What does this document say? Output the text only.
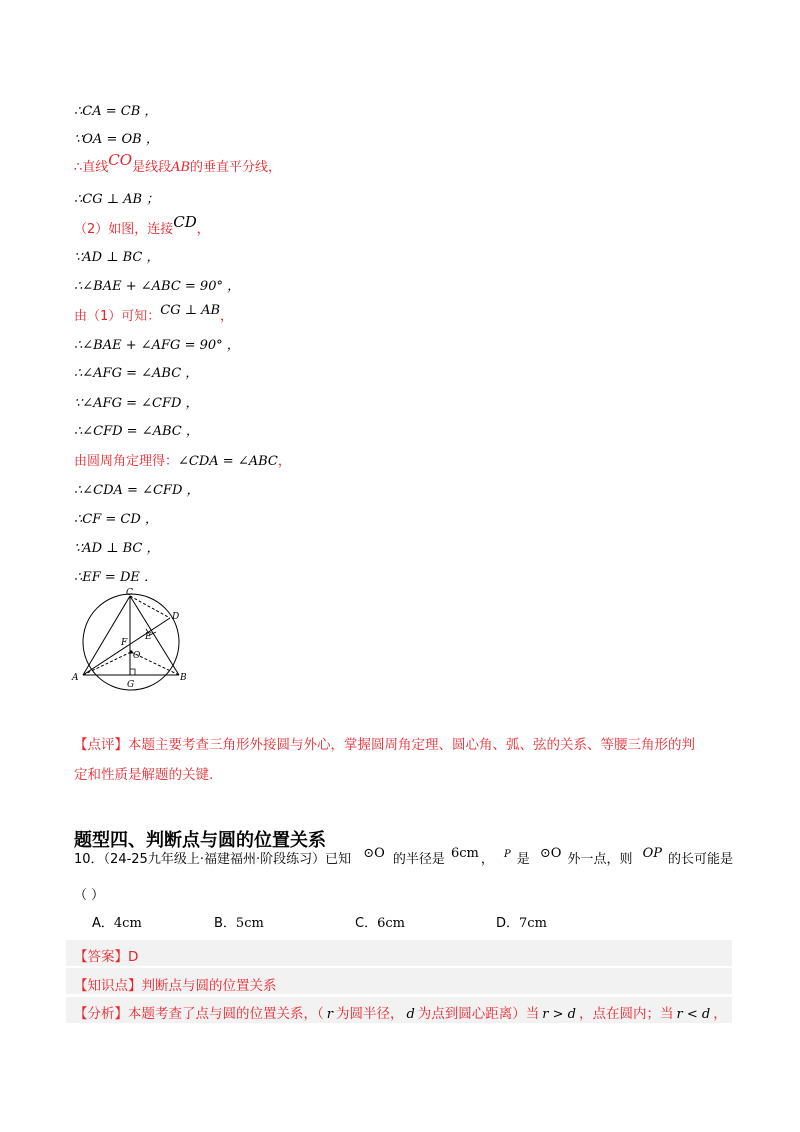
∴CA = CB ，
∵OA = OB ，
∴直线CO是线段AB的垂直平分线，
∴CG ⊥ AB ；
（2）如图，连接CD，
∵AD ⊥ BC ，
∴∠BAE + ∠ABC = 90° ，
由（1）可知：CG ⊥ AB，
∴∠BAE + ∠AFG = 90° ，
∴∠AFG = ∠ABC ，
∵∠AFG = ∠CFD ，
∴∠CFD = ∠ABC ，
由圆周角定理得：∠CDA = ∠ABC，
∴∠CDA = ∠CFD ，
∴CF = CD ，
∵AD ⊥ BC ，
∴EF = DE ．
C
D
E
F
O
A
G
B
【点评】本题主要考查三角形外接圆与外心，掌握圆周角定理、圆心角、弧、弦的关系、等腰三角形的判
定和性质是解题的关键.
题型四、判断点与圆的位置关系
10．（24-25九年级上·福建福州·阶段练习）已知 ⊙O 的半径是 6cm ， $^P$ 是 ⊙O 外一点，则 OP 的长可能是
（ ）
A．4cm	B．5cm	C．6cm	D．7cm
【答案】D
【知识点】判断点与圆的位置关系
【分析】本题考查了点与圆的位置关系，（ r 为圆半径， d 为点到圆心距离）当 r > d ，点在圆内；当 r < d ，
